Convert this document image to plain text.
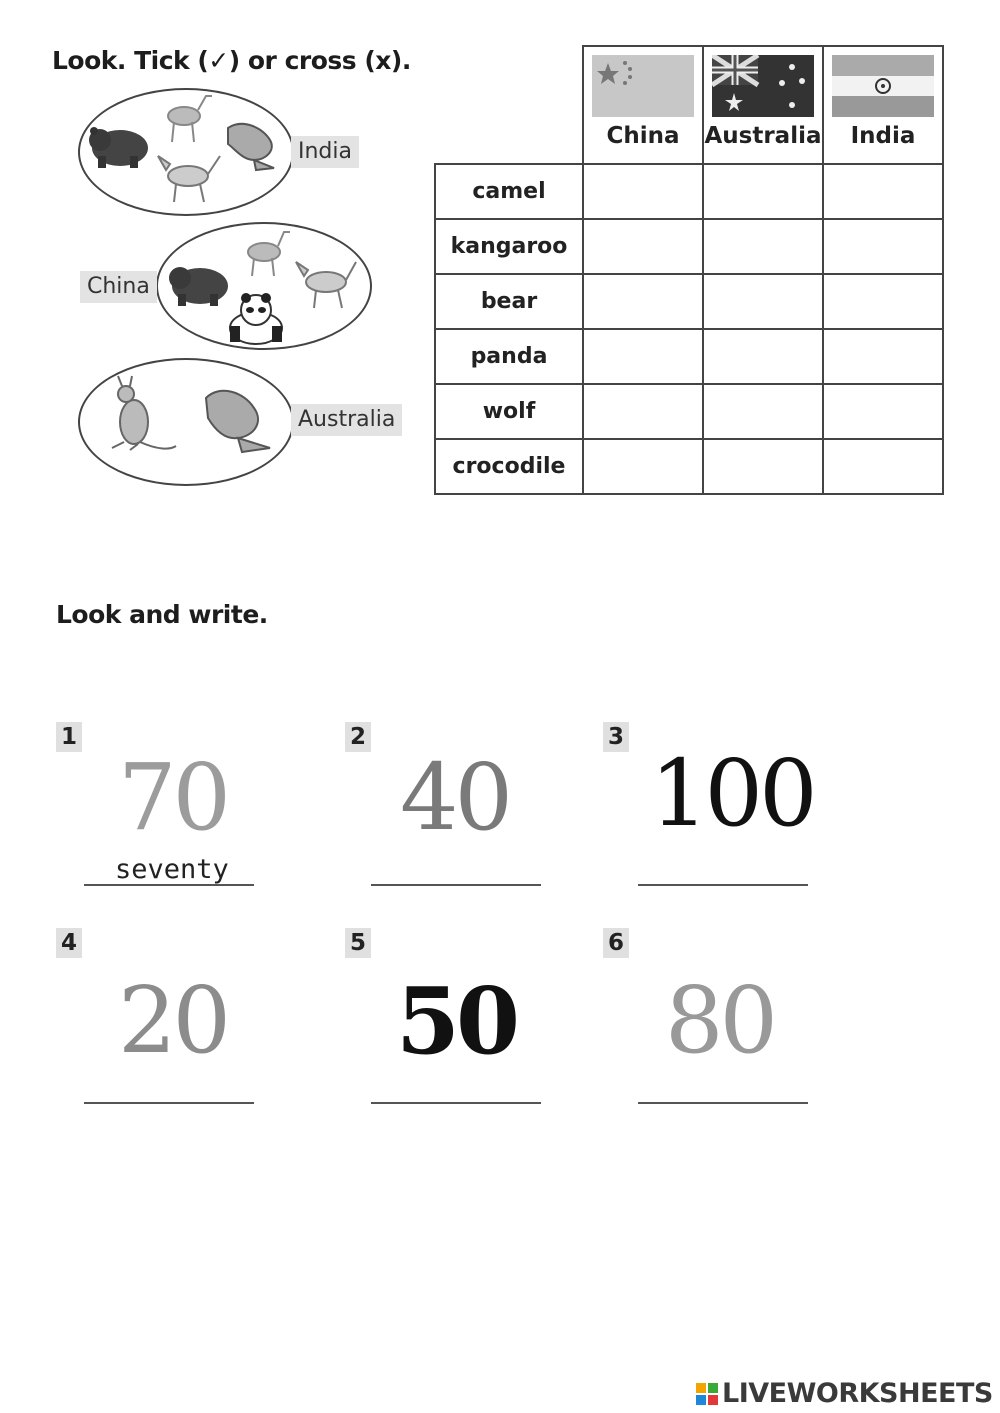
Look. Tick (✓) or cross (x).
India
China
Australia

	China	Australia	India

camel			
kangaroo			
bear			
panda			
wolf			
crocodile			
Look and write.
1
70
seventy
2
40
3
100
4
20
5
50
6
80
LIVEWORKSHEETS
